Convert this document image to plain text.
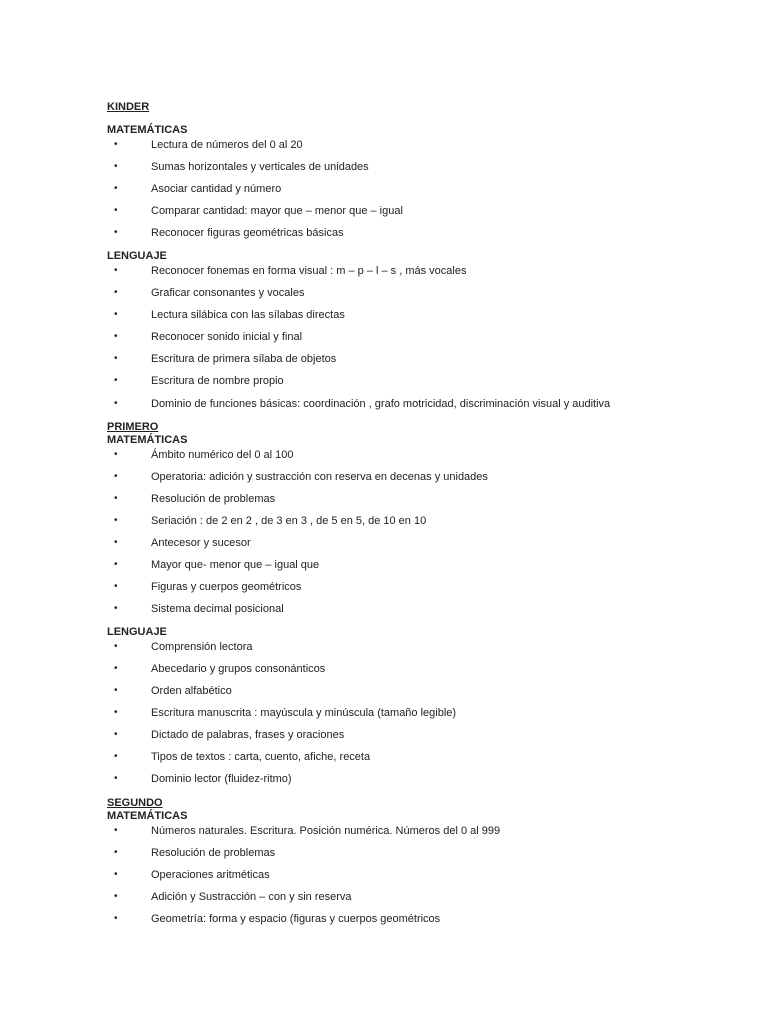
KINDER
MATEMÁTICAS
•	Lectura de números del 0 al 20
•	Sumas horizontales y verticales de unidades
•	Asociar cantidad y número
•	Comparar cantidad: mayor que – menor que – igual
•	Reconocer figuras geométricas básicas
LENGUAJE
•	Reconocer fonemas en forma visual : m – p – l – s , más vocales
•	Graficar consonantes y vocales
•	Lectura silábica con las sílabas directas
•	Reconocer sonido inicial y final
•	Escritura de primera sílaba de objetos
•	Escritura de nombre propio
•	Dominio de funciones básicas: coordinación , grafo motricidad, discriminación visual y auditiva
PRIMERO
MATEMÁTICAS
•	Ámbito numérico del 0 al 100
•	Operatoria: adición y sustracción con reserva en decenas y unidades
•	Resolución de problemas
•	Seriación : de 2 en 2 , de 3 en 3 , de 5 en 5, de 10 en 10
•	Antecesor y sucesor
•	Mayor que- menor que – igual que
•	Figuras y cuerpos geométricos
•	Sistema decimal posicional
LENGUAJE
•	Comprensión lectora
•	Abecedario y grupos consonánticos
•	Orden alfabético
•	Escritura manuscrita : mayúscula y minúscula (tamaño legible)
•	Dictado de palabras, frases y oraciones
•	Tipos de textos : carta, cuento, afiche, receta
•	Dominio lector (fluidez-ritmo)
SEGUNDO
MATEMÁTICAS
•	Números naturales. Escritura. Posición numérica. Números del 0 al 999
•	Resolución de problemas
•	Operaciones aritméticas
•	Adición y Sustracción – con y sin reserva
•	Geometría: forma y espacio (figuras y cuerpos geométricos
